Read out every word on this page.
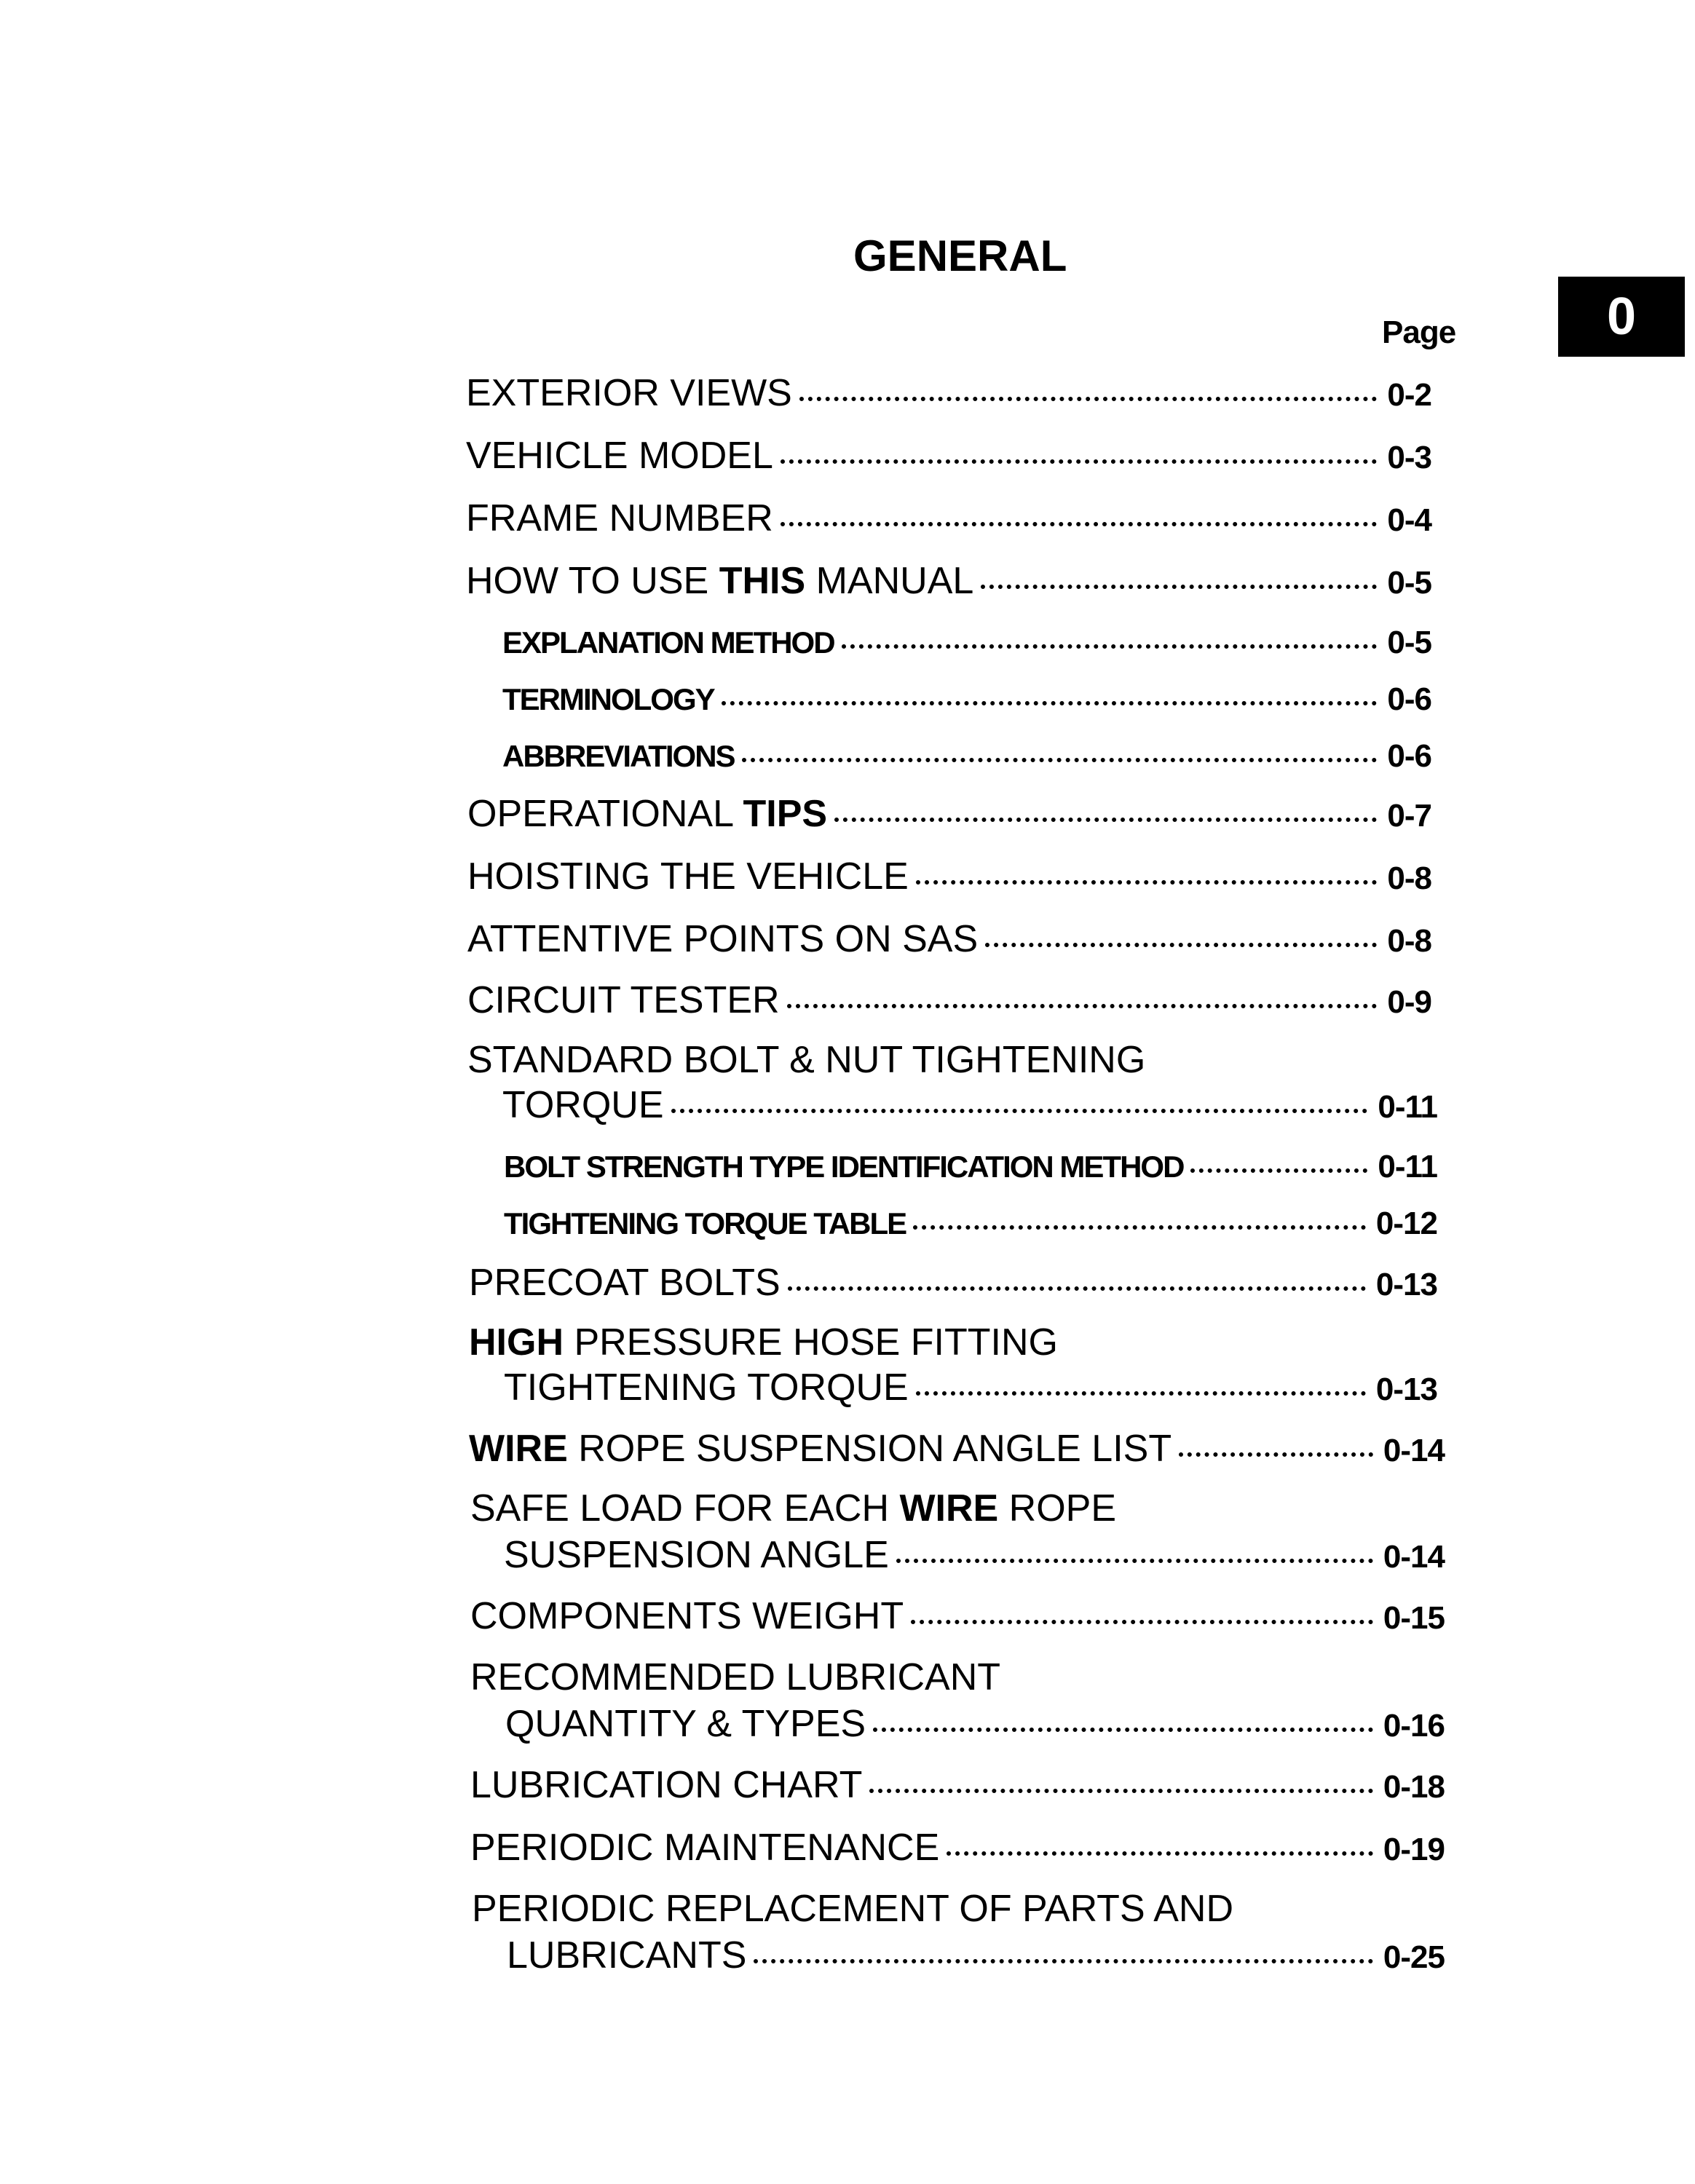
GENERAL
0
Page
EXTERIOR VIEWS	0-2
VEHICLE MODEL	0-3
FRAME NUMBER	0-4
HOW TO USE THIS MANUAL	0-5
EXPLANATION METHOD	0-5
TERMINOLOGY	0-6
ABBREVIATIONS	0-6
OPERATIONAL TIPS	0-7
HOISTING THE VEHICLE	0-8
ATTENTIVE POINTS ON SAS	0-8
CIRCUIT TESTER	0-9
STANDARD BOLT & NUT TIGHTENING
TORQUE	0-11
BOLT STRENGTH TYPE IDENTIFICATION METHOD	0-11
TIGHTENING TORQUE TABLE	0-12
PRECOAT BOLTS	0-13
HIGH PRESSURE HOSE FITTING
TIGHTENING TORQUE	0-13
WIRE ROPE SUSPENSION ANGLE LIST	0-14
SAFE LOAD FOR EACH WIRE ROPE
SUSPENSION ANGLE	0-14
COMPONENTS WEIGHT	0-15
RECOMMENDED LUBRICANT
QUANTITY & TYPES	0-16
LUBRICATION CHART	0-18
PERIODIC MAINTENANCE	0-19
PERIODIC REPLACEMENT OF PARTS AND
LUBRICANTS	0-25
